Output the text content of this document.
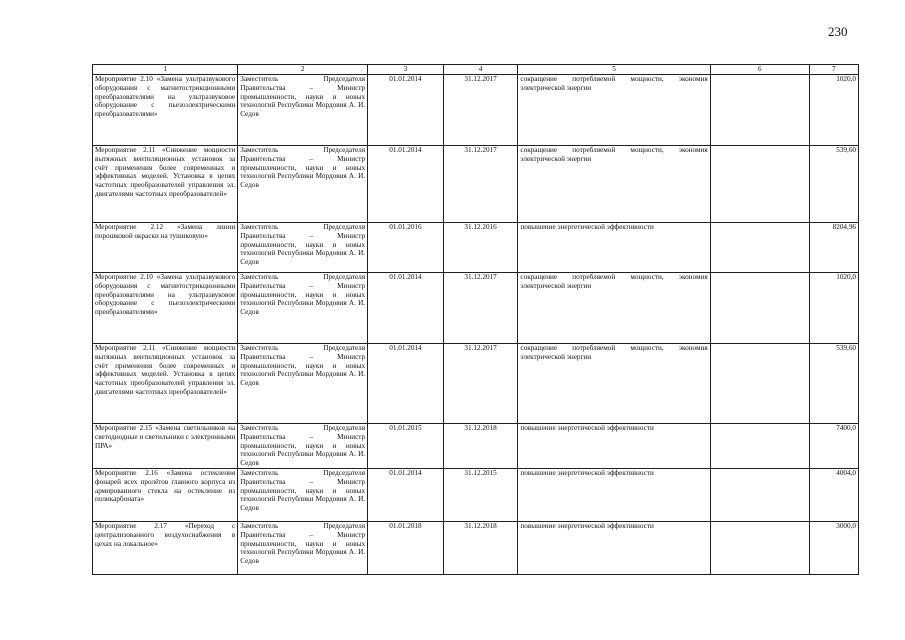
230
1	2	3	4	5	6	7
Мероприятие 2.10 «Замена ультразвукового оборудования с магнитострикционными преобразователями на ультразвуковое оборудование с пьезоэлектрическими преобразователями»	Заместитель Председателя Правительства – Министр промышленности, науки и новых технологий Республики Мордовия А. И. Седов	01.01.2014	31.12.2017	сокращение потребляемой мощности, экономия электрической энергии		1020,0
Мероприятие 2.11 «Снижение мощности вытяжных вентиляционных установок за счёт применения более современных и эффективных моделей. Установка в цепях частотных преобразователей управления эл. двигателями частотных преобразователей»	Заместитель Председателя Правительства – Министр промышленности, науки и новых технологий Республики Мордовия А. И. Седов	01.01.2014	31.12.2017	сокращение потребляемой мощности, экономия электрической энергии		539,60
Мероприятие 2.12 «Замена линии порошковой окраски на тушиковую»	Заместитель Председателя Правительства – Министр промышленности, науки и новых технологий Республики Мордовия А. И. Седов	01.01.2016	31.12.2016	повышение энергетической эффективности		8204,96
Мероприятие 2.10 «Замена ультразвукового оборудования с магнитострикционными преобразователями на ультразвуковое оборудование с пьезоэлектрическими преобразователями»	Заместитель Председателя Правительства – Министр промышленности, науки и новых технологий Республики Мордовия А. И. Седов	01.01.2014	31.12.2017	сокращение потребляемой мощности, экономия электрической энергии		1020,0
Мероприятие 2.11 «Снижение мощности вытяжных вентиляционных установок за счёт применения более современных и эффективных моделей. Установка в цепях частотных преобразователей управления эл. двигателями частотных преобразователей»	Заместитель Председателя Правительства – Министр промышленности, науки и новых технологий Республики Мордовия А. И. Седов	01.01.2014	31.12.2017	сокращение потребляемой мощности, экономия электрической энергии		539,60
Мероприятие 2.15 «Замена светильников на светодиодные и светильники с электронными ПРА»	Заместитель Председателя Правительства – Министр промышленности, науки и новых технологий Республики Мордовия А. И. Седов	01.01.2015	31.12.2018	повышение энергетической эффективности		7400,0
Мероприятие 2.16 «Замена остекления фонарей всех пролётов главного корпуса из армированного стекла на остекление из поликарбоната»	Заместитель Председателя Правительства – Министр промышленности, науки и новых технологий Республики Мордовия А. И. Седов	01.01.2014	31.12.2015	повышение энергетической эффективности		4004,0
Мероприятие 2.17 «Переход с централизованного воздухоснабжения в цехах на локальное»	Заместитель Председателя Правительства – Министр промышленности, науки и новых технологий Республики Мордовия А. И. Седов	01.01.2018	31.12.2018	повышение энергетической эффективности		3000,0
